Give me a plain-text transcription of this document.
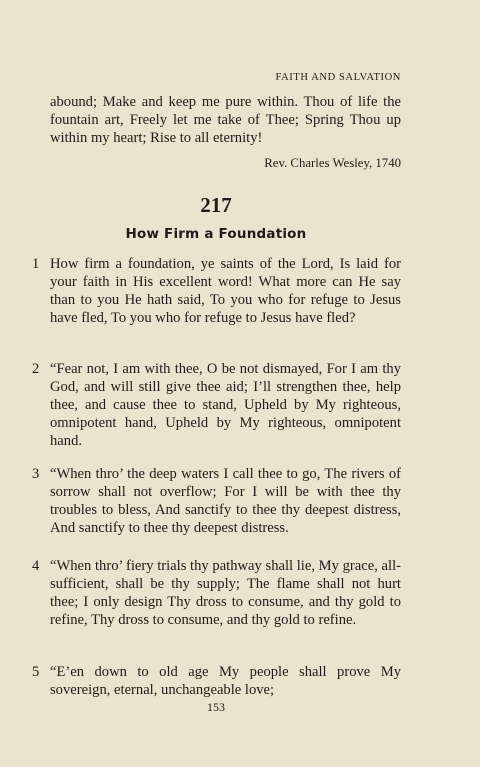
FAITH AND SALVATION
abound; Make and keep me pure within. Thou of life the fountain art, Freely let me take of Thee; Spring Thou up within my heart; Rise to all eternity!
Rev. Charles Wesley, 1740
217
How Firm a Foundation
1 How firm a foundation, ye saints of the Lord, Is laid for your faith in His excellent word! What more can He say than to you He hath said, To you who for refuge to Jesus have fled, To you who for refuge to Jesus have fled?
2 “Fear not, I am with thee, O be not dismayed, For I am thy God, and will still give thee aid; I’ll strengthen thee, help thee, and cause thee to stand, Upheld by My righteous, omnipotent hand, Upheld by My righteous, omnipotent hand.
3 “When thro’ the deep waters I call thee to go, The rivers of sorrow shall not overflow; For I will be with thee thy troubles to bless, And sanctify to thee thy deepest distress, And sanctify to thee thy deepest distress.
4 “When thro’ fiery trials thy pathway shall lie, My grace, all-sufficient, shall be thy supply; The flame shall not hurt thee; I only design Thy dross to consume, and thy gold to refine, Thy dross to consume, and thy gold to refine.
5 “E’en down to old age My people shall prove My sovereign, eternal, unchangeable love;
153
